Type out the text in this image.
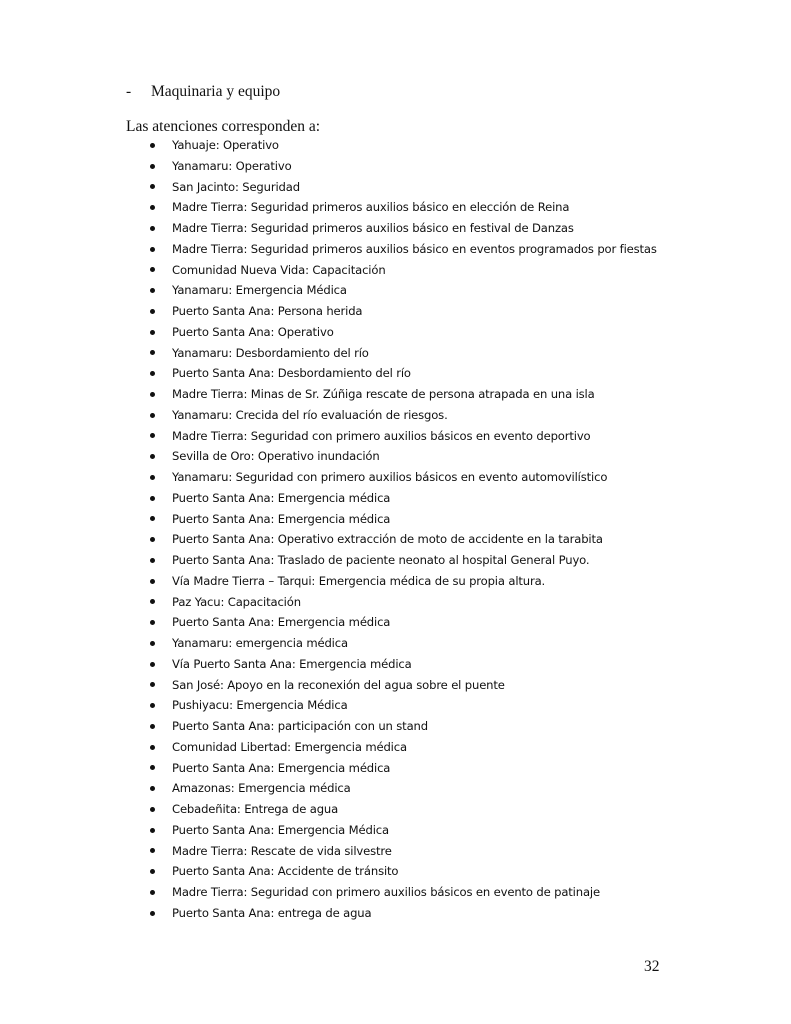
- Maquinaria y equipo
Las atenciones corresponden a:
Yahuaje: Operativo
Yanamaru: Operativo
San Jacinto: Seguridad
Madre Tierra: Seguridad primeros auxilios básico en elección de Reina
Madre Tierra: Seguridad primeros auxilios básico en festival de Danzas
Madre Tierra: Seguridad primeros auxilios básico en eventos programados por fiestas
Comunidad Nueva Vida: Capacitación
Yanamaru: Emergencia Médica
Puerto Santa Ana: Persona herida
Puerto Santa Ana: Operativo
Yanamaru: Desbordamiento del río
Puerto Santa Ana: Desbordamiento del río
Madre Tierra: Minas de Sr. Zúñiga rescate de persona atrapada en una isla
Yanamaru: Crecida del río evaluación de riesgos.
Madre Tierra: Seguridad con primero auxilios básicos en evento deportivo
Sevilla de Oro: Operativo inundación
Yanamaru: Seguridad con primero auxilios básicos en evento automovilístico
Puerto Santa Ana: Emergencia médica
Puerto Santa Ana: Emergencia médica
Puerto Santa Ana: Operativo extracción de moto de accidente en la tarabita
Puerto Santa Ana: Traslado de paciente neonato al hospital General Puyo.
Vía Madre Tierra – Tarqui: Emergencia médica de su propia altura.
Paz Yacu: Capacitación
Puerto Santa Ana: Emergencia médica
Yanamaru: emergencia médica
Vía Puerto Santa Ana: Emergencia médica
San José: Apoyo en la reconexión del agua sobre el puente
Pushiyacu: Emergencia Médica
Puerto Santa Ana: participación con un stand
Comunidad Libertad: Emergencia médica
Puerto Santa Ana: Emergencia médica
Amazonas: Emergencia médica
Cebadeñita: Entrega de agua
Puerto Santa Ana: Emergencia Médica
Madre Tierra: Rescate de vida silvestre
Puerto Santa Ana: Accidente de tránsito
Madre Tierra: Seguridad con primero auxilios básicos en evento de patinaje
Puerto Santa Ana: entrega de agua
32
